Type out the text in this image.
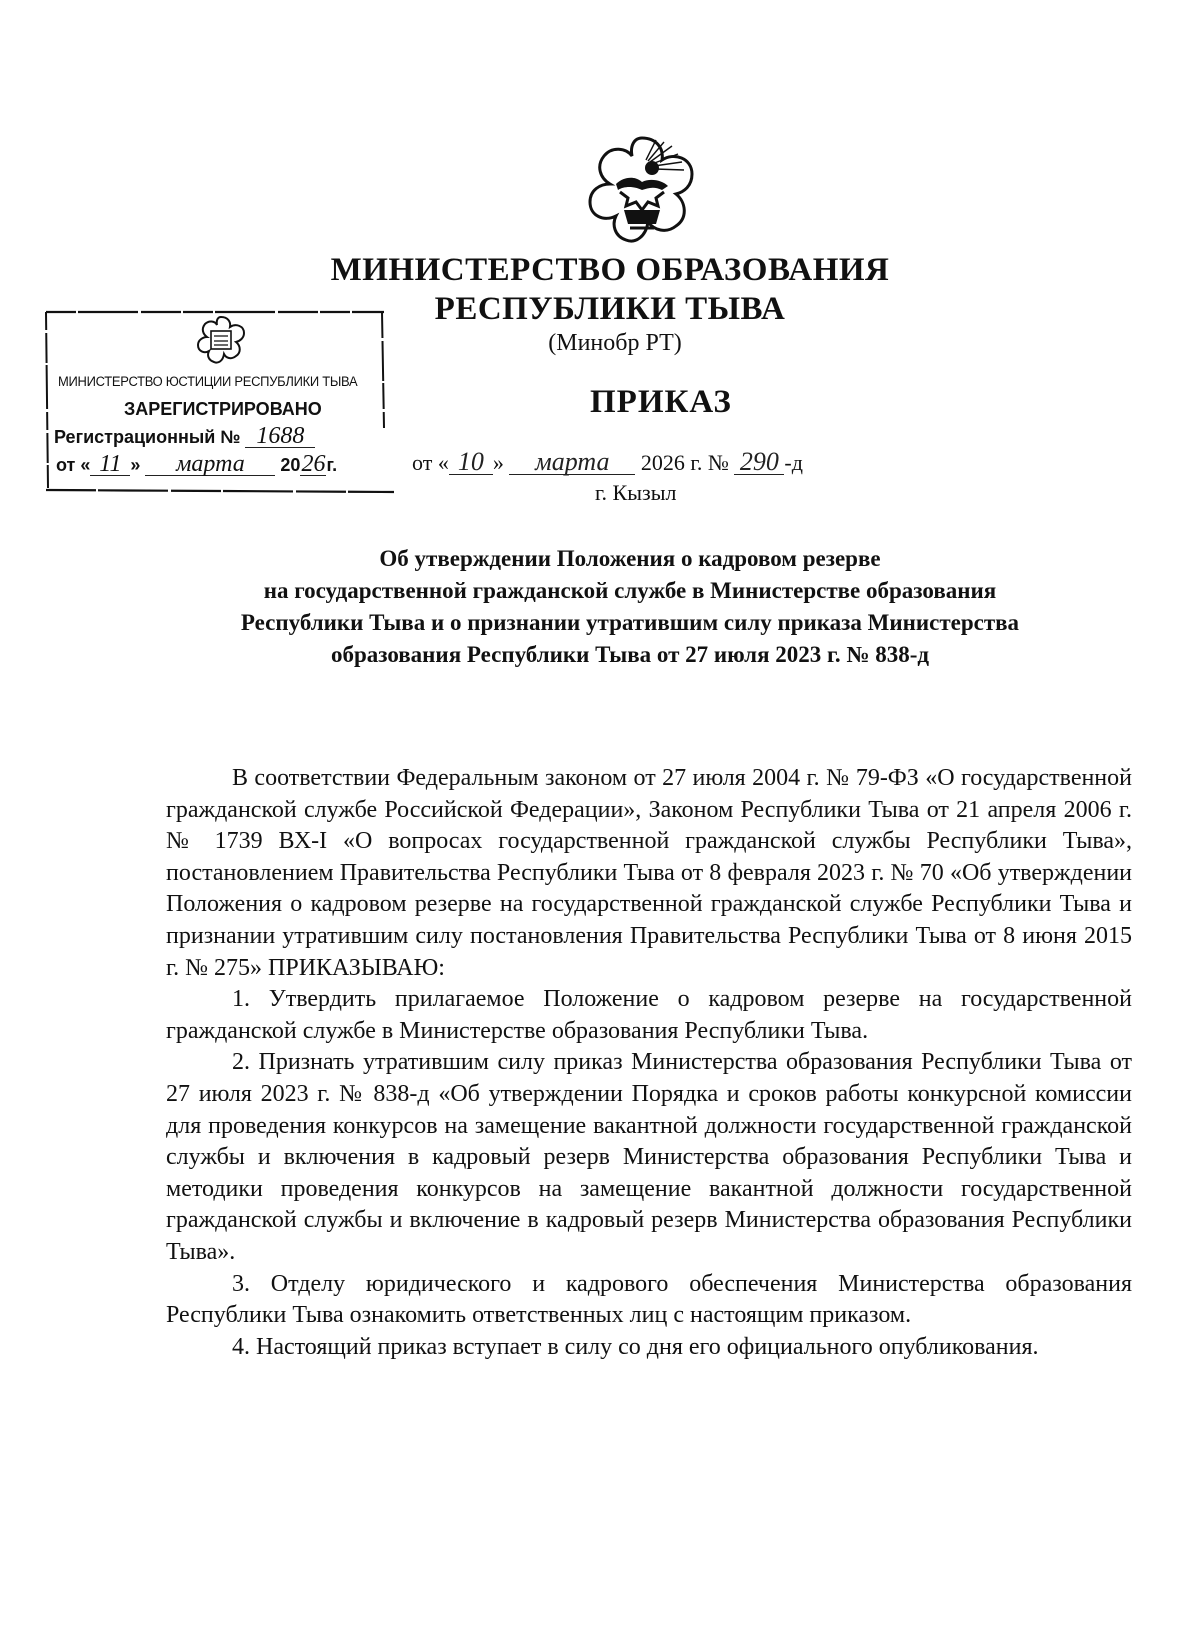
МИНИСТЕРСТВО ОБРАЗОВАНИЯ
РЕСПУБЛИКИ ТЫВА
(Минобр РТ)
ПРИКАЗ
от « 10 » марта 2026 г. № 290 -д
г. Кызыл
МИНИСТЕРСТВО ЮСТИЦИИ РЕСПУБЛИКИ ТЫВА
ЗАРЕГИСТРИРОВАНО
Регистрационный № 1688
от « 11 » марта 2026г.
Об утверждении Положения о кадровом резерве
на государственной гражданской службе в Министерстве образования
Республики Тыва и о признании утратившим силу приказа Министерства
образования Республики Тыва от 27 июля 2023 г. № 838-д

В соответствии Федеральным законом от 27 июля 2004 г. № 79-ФЗ «О государственной гражданской службе Российской Федерации», Законом Республики Тыва от 21 апреля 2006 г. № 1739 ВХ-I «О вопросах государственной гражданской службы Республики Тыва», постановлением Правительства Республики Тыва от 8 февраля 2023 г. № 70 «Об утверждении Положения о кадровом резерве на государственной гражданской службе Республики Тыва и признании утратившим силу постановления Правительства Республики Тыва от 8 июня 2015 г. № 275» ПРИКАЗЫВАЮ:

1. Утвердить прилагаемое Положение о кадровом резерве на государственной гражданской службе в Министерстве образования Республики Тыва.

2. Признать утратившим силу приказ Министерства образования Республики Тыва от 27 июля 2023 г. № 838-д «Об утверждении Порядка и сроков работы конкурсной комиссии для проведения конкурсов на замещение вакантной должности государственной гражданской службы и включения в кадровый резерв Министерства образования Республики Тыва и методики проведения конкурсов на замещение вакантной должности государственной гражданской службы и включение в кадровый резерв Министерства образования Республики Тыва».

3. Отделу юридического и кадрового обеспечения Министерства образования Республики Тыва ознакомить ответственных лиц с настоящим приказом.

4. Настоящий приказ вступает в силу со дня его официального опубликования.
